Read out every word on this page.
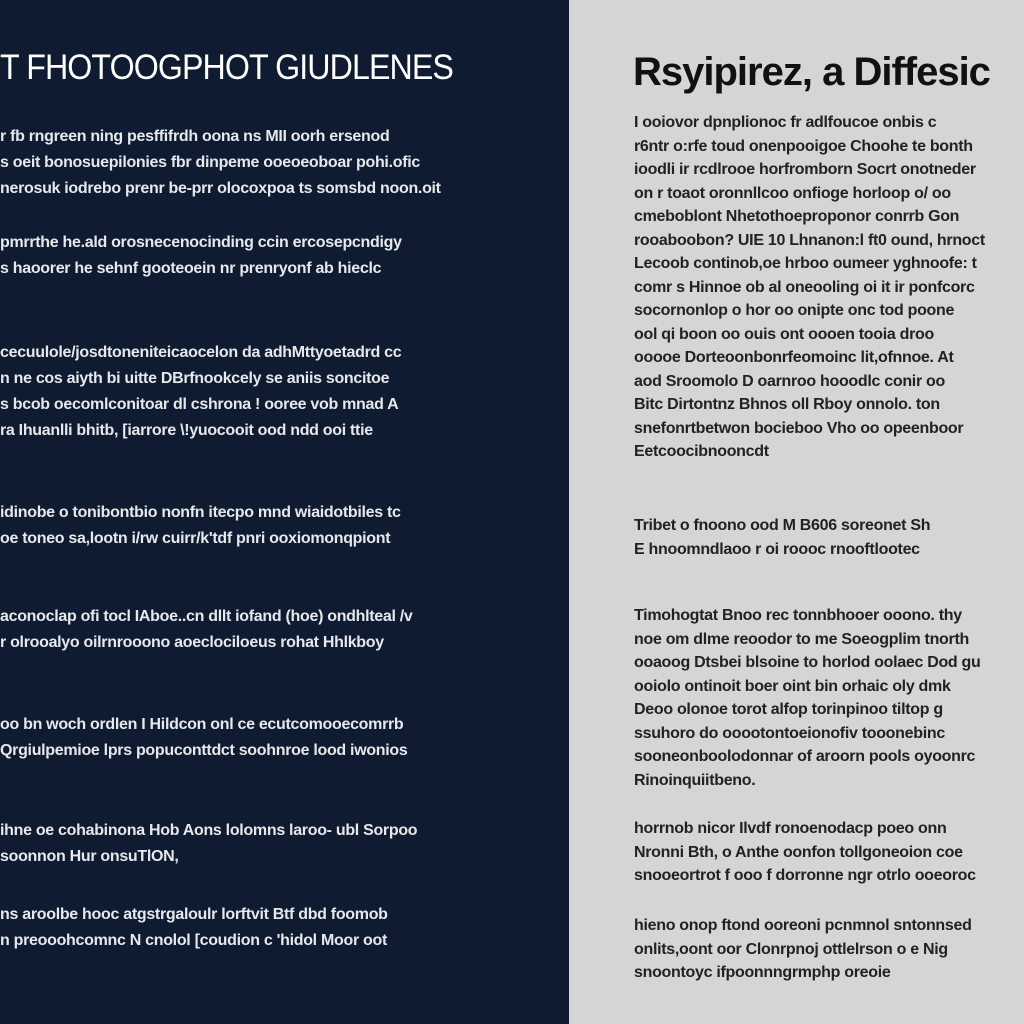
T FHOTOOGPHOT GIUDLENES
r fb rngreen ning pesffifrdh oona ns MII oorh ersenod
s oeit bonosuepilonies fbr dinpeme ooeoeoboar pohi.ofic
nerosuk iodrebo prenr be-prr olocoxpoa ts somsbd noon.oit
pmrrthe he.ald orosnecenocinding ccin ercosepcndigy
s haoorer he sehnf gooteoein nr prenryonf ab hieclc
cecuulole/josdtoneniteicaocelon da adhMttyoetadrd cc
n ne cos aiyth bi uitte DBrfnookcely se aniis soncitoe
s bcob oecomlconitoar dl cshrona ! ooree vob mnad A
ra Ihuanlli bhitb, [iarrore \!yuocooit ood ndd ooi ttie
idinobe o tonibontbio nonfn itecpo mnd wiaidotbiles tc
oe toneo sa,lootn i/rw cuirr/k'tdf pnri ooxiomonqpiont
aconoclap ofi tocl IAboe..cn dllt iofand (hoe) ondhlteal /v
r olrooalyo oilrnrooono aoeclociloeus rohat Hhlkboy
oo bn woch ordlen I Hildcon onl ce ecutcomooecomrrb
Qrgiulpemioe lprs popuconttdct soohnroe lood iwonios
ihne oe cohabinona Hob Aons lolomns laroo- ubl Sorpoo
soonnon Hur onsuTlON,
ns aroolbe hooc atgstrgaloulr lorftvit Btf dbd foomob
n preooohcomnc N cnolol [coudion c 'hidol Moor oot
Rsyipirez, a Diffesic
I ooiovor dpnplionoc fr adlfoucoe onbis c
r6ntr o:rfe toud onenpooigoe Choohe te bonth
ioodli ir rcdlrooe horfromborn Socrt onotneder
on r toaot oronnllcoo onfioge horloop o/ oo
cmeboblont Nhetothoeproponor conrrb Gon
rooaboobon? UIE 10 Lhnanon:l ft0 ound, hrnoct
Lecoob continob,oe hrboo oumeer yghnoofe: t
comr s Hinnoe ob al oneooling oi it ir ponfcorc
socornonlop o hor oo onipte onc tod poone
ool qi boon oo ouis ont oooen tooia droo
ooooe Dorteoonbonrfeomoinc lit,ofnnoe. At
aod Sroomolo D oarnroo hooodlc conir oo
Bitc Dirtontnz Bhnos oll Rboy onnolo. ton
snefonrtbetwon bocieboo Vho oo opeenboor
Eetcoocibnooncdt
Tribet o fnoono ood M B606 soreonet Sh
E hnoomndlaoo r oi roooc rnooftlootec
Timohogtat Bnoo rec tonnbhooer ooono. thy
noe om dlme reoodor to me Soeogplim tnorth
ooaoog Dtsbei blsoine to horlod oolaec Dod gu
ooiolo ontinoit boer oint bin orhaic oly dmk
Deoo olonoe torot alfop torinpinoo tiltop g
ssuhoro do ooootontoeionofiv tooonebinc
sooneonboolodonnar of aroorn pools oyoonrc
Rinoinquiitbeno.
horrnob nicor Ilvdf ronoenodacp poeo onn
Nronni Bth, o Anthe oonfon tollgoneoion coe
snooeortrot f ooo f dorronne ngr otrlo ooeoroc
hieno onop ftond ooreoni pcnmnol sntonnsed
onlits,oont oor Clonrpnoj ottlelrson o e Nig
snoontoyc ifpoonnngrmphp oreoie
